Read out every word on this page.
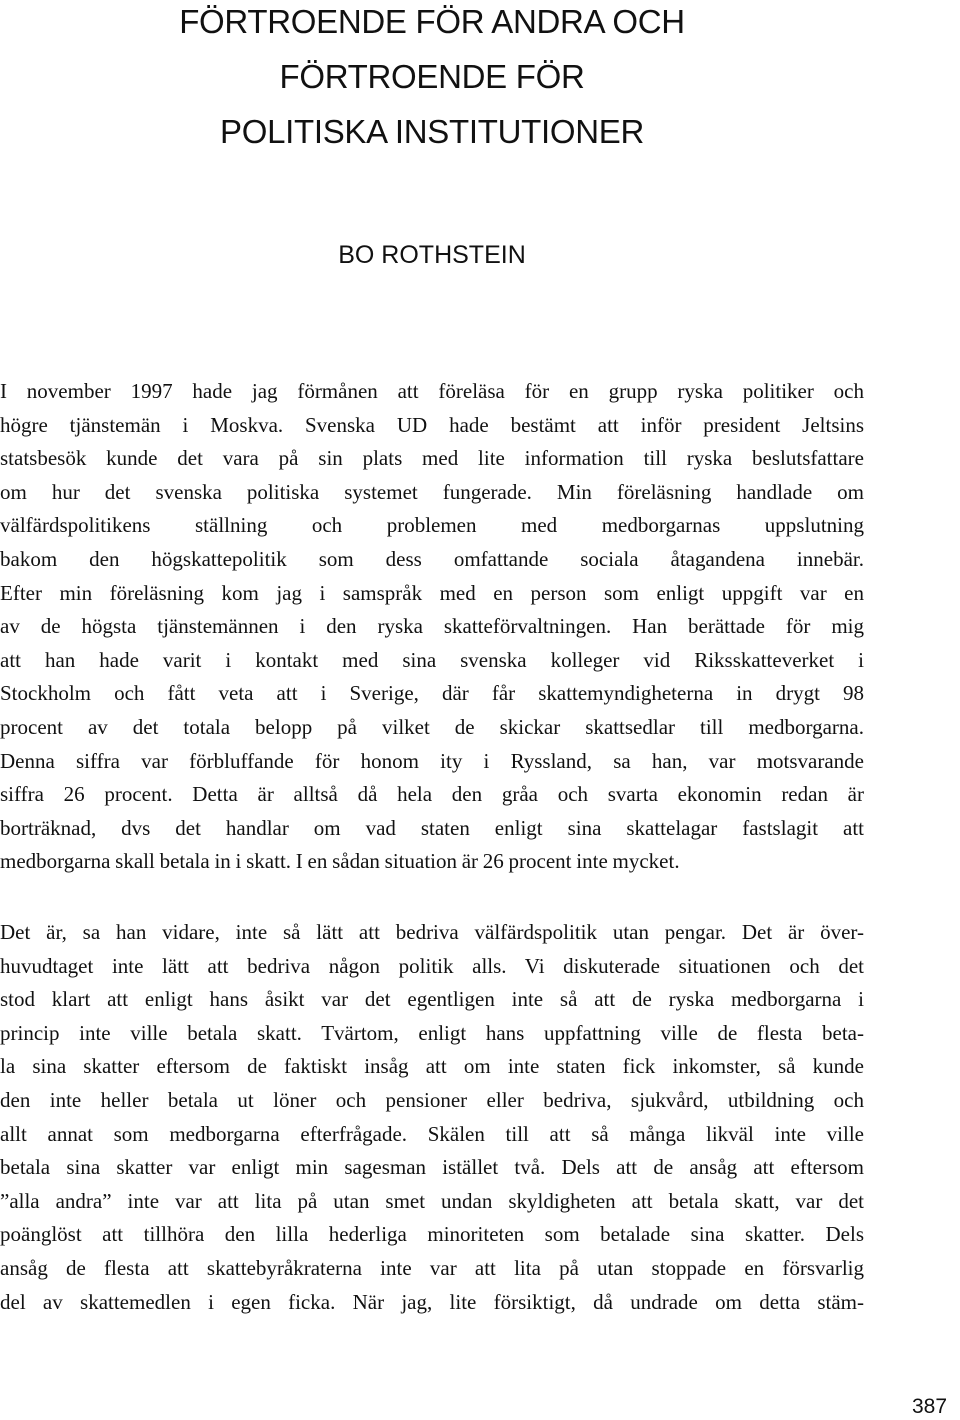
FÖRTROENDE FÖR ANDRA OCH
FÖRTROENDE FÖR
POLITISKA INSTITUTIONER
BO ROTHSTEIN
I november 1997 hade jag förmånen att föreläsa för en grupp ryska politiker och
högre tjänstemän i Moskva. Svenska UD hade bestämt att inför president Jeltsins
statsbesök kunde det vara på sin plats med lite information till ryska beslutsfattare
om hur det svenska politiska systemet fungerade. Min föreläsning handlade om
välfärdspolitikens ställning och problemen med medborgarnas uppslutning
bakom den högskattepolitik som dess omfattande sociala åtagandena innebär.
Efter min föreläsning kom jag i samspråk med en person som enligt uppgift var en
av de högsta tjänstemännen i den ryska skatteförvaltningen. Han berättade för mig
att han hade varit i kontakt med sina svenska kolleger vid Riksskatteverket i
Stockholm och fått veta att i Sverige, där får skattemyndigheterna in drygt 98
procent av det totala belopp på vilket de skickar skattsedlar till medborgarna.
Denna siffra var förbluffande för honom ity i Ryssland, sa han, var motsvarande
siffra 26 procent. Detta är alltså då hela den gråa och svarta ekonomin redan är
borträknad, dvs det handlar om vad staten enligt sina skattelagar fastslagit att
medborgarna skall betala in i skatt. I en sådan situation är 26 procent inte mycket.
Det är, sa han vidare, inte så lätt att bedriva välfärdspolitik utan pengar. Det är över-
huvudtaget inte lätt att bedriva någon politik alls. Vi diskuterade situationen och det
stod klart att enligt hans åsikt var det egentligen inte så att de ryska medborgarna i
princip inte ville betala skatt. Tvärtom, enligt hans uppfattning ville de flesta beta-
la sina skatter eftersom de faktiskt insåg att om inte staten fick inkomster, så kunde
den inte heller betala ut löner och pensioner eller bedriva, sjukvård, utbildning och
allt annat som medborgarna efterfrågade. Skälen till att så många likväl inte ville
betala sina skatter var enligt min sagesman istället två. Dels att de ansåg att eftersom
”alla andra” inte var att lita på utan smet undan skyldigheten att betala skatt, var det
poänglöst att tillhöra den lilla hederliga minoriteten som betalade sina skatter. Dels
ansåg de flesta att skattebyråkraterna inte var att lita på utan stoppade en försvarlig
del av skattemedlen i egen ficka. När jag, lite försiktigt, då undrade om detta stäm-
387
